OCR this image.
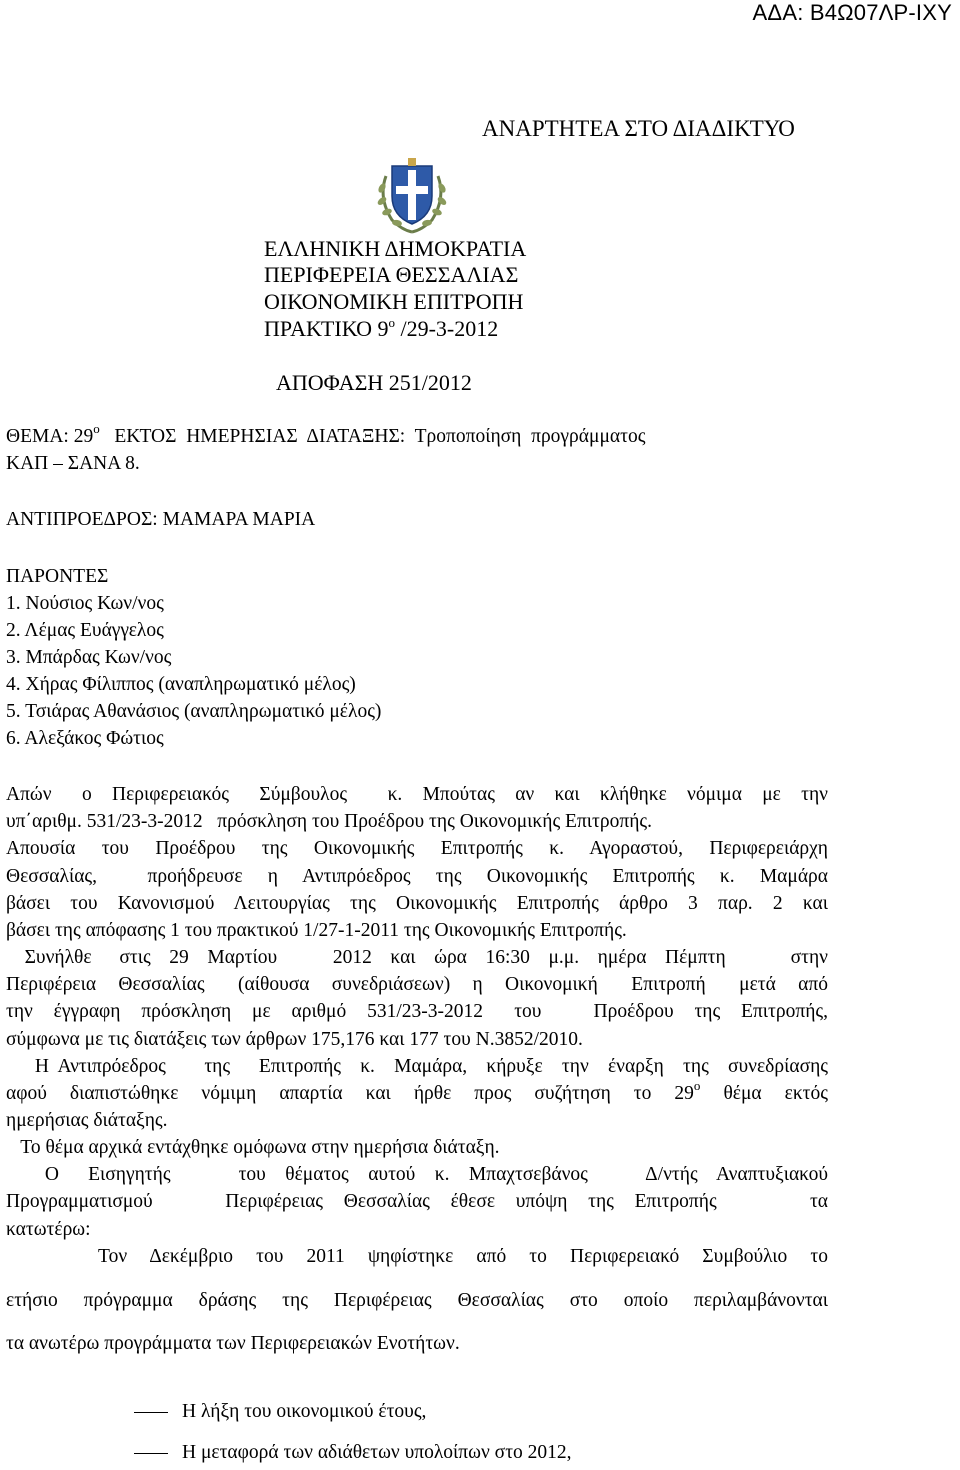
ΑΔΑ: Β4Ω07ΛΡ-ΙΧΥ
ΑΝΑΡΤΗΤΕΑ ΣΤΟ ΔΙΑΔΙΚΤΥΟ
ΕΛΛΗΝΙΚΗ ΔΗΜΟΚΡΑΤΙΑ
ΠΕΡΙΦΕΡΕΙΑ ΘΕΣΣΑΛΙΑΣ
ΟΙΚΟΝΟΜΙΚΗ ΕΠΙΤΡΟΠΗ
ΠΡΑΚΤΙΚΟ $9^o$ /29-3-2012
ΑΠΟΦΑΣΗ 251/2012
ΘΕΜΑ: $29^o$   ΕΚΤΟΣ  ΗΜΕΡΗΣΙΑΣ  ΔΙΑΤΑΞΗΣ:  Τροποποίηση  προγράμματος
ΚΑΠ – ΣΑΝΑ 8.
ΑΝΤΙΠΡΟΕΔΡΟΣ: ΜΑΜΑΡΑ ΜΑΡΙΑ
ΠΑΡΟΝΤΕΣ
1. Νούσιος Κων/νος
2. Λέμας Ευάγγελος
3. Μπάρδας Κων/νος
4. Χήρας Φίλιππος (αναπληρωματικό μέλος)
5. Τσιάρας Αθανάσιος (αναπληρωματικό μέλος)
6. Αλεξάκος Φώτιος
Απών   ο  Περιφερειακός   Σύμβουλος    κ.  Μπούτας  αν  και  κλήθηκε  νόμιμα  με  την
υπ΄αριθμ. 531/23-3-2012   πρόσκληση του Προέδρου της Οικονομικής Επιτροπής.
Απουσία  του  Προέδρου  της  Οικονομικής  Επιτροπής  κ.  Αγοραστού,  Περιφερειάρχη
Θεσσαλίας,    προήδρευσε  η  Αντιπρόεδρος  της  Οικονομικής  Επιτροπής  κ.  Μαμάρα
βάσει  του  Κανονισμού  Λειτουργίας  της  Οικονομικής  Επιτροπής  άρθρο  3  παρ.  2  και
βάσει της απόφασης 1 του πρακτικού 1/27-1-2011 της Οικονομικής Επιτροπής.
Συνήλθε   στις  29  Μαρτίου      2012  και  ώρα  16:30  μ.μ.  ημέρα  Πέμπτη       στην
Περιφέρεια  Θεσσαλίας   (αίθουσα  συνεδριάσεων)  η  Οικονομική   Επιτροπή   μετά  από
την  έγγραφη  πρόσκληση  με  αριθμό  531/23-3-2012   του     Προέδρου  της  Επιτροπής,
σύμφωνα με τις διατάξεις των άρθρων 175,176 και 177 του Ν.3852/2010.
Η Αντιπρόεδρος    της   Επιτροπής  κ.  Μαμάρα,  κήρυξε  την  έναρξη  της  συνεδρίασης
αφού  διαπιστώθηκε  νόμιμη  απαρτία  και  ήρθε  προς  συζήτηση  το  $29^o$  θέμα  εκτός
ημερήσιας διάταξης.
Το θέμα αρχικά εντάχθηκε ομόφωνα στην ημερήσια διάταξη.
Ο   Εισηγητής       του  θέματος  αυτού  κ.  Μπαχτσεβάνος      Δ/ντής  Αναπτυξιακού
Προγραμματισμού       Περιφέρειας  Θεσσαλίας  έθεσε  υπόψη  της  Επιτροπής         τα
κατωτέρω:
Τον   Δεκέμβριο   του   2011   ψηφίστηκε   από   το   Περιφερειακό   Συμβούλιο   το
ετήσιο   πρόγραμμα   δράσης   της   Περιφέρειας   Θεσσαλίας   στο   οποίο   περιλαμβάνονται
τα ανωτέρω προγράμματα των Περιφερειακών Ενοτήτων.
Η λήξη του οικονομικού έτους,
Η μεταφορά των αδιάθετων υπολοίπων στο 2012,
